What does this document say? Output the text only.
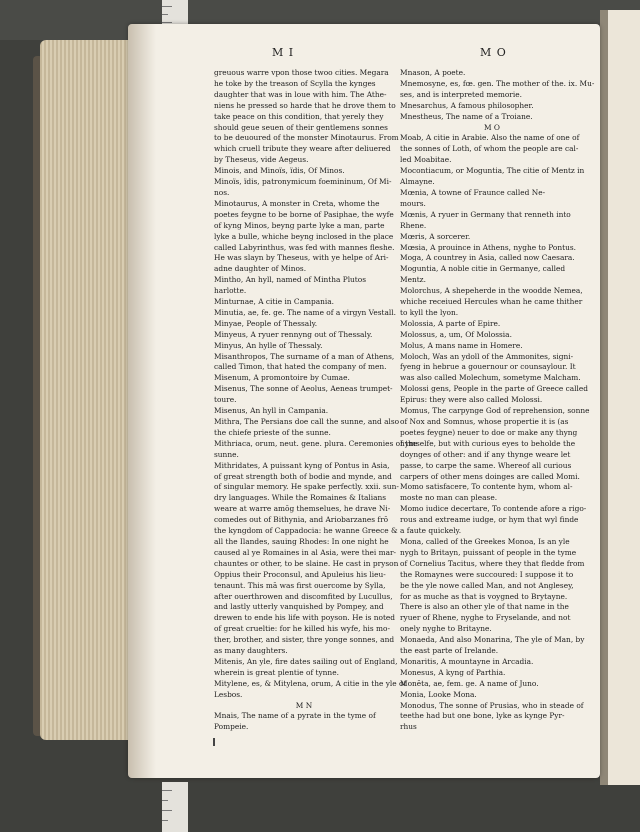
M I	M O

greuous warre vpon those twoo cities. Megara

he toke by the treason of Scylla the kynges

daughter that was in loue with him. The Athe-

niens he pressed so harde that he drove them to

take peace on this condition, that yerely they

should geue seuen of their gentlemens sonnes

to be deuoured of the monster Minotaurus. From

which cruell tribute they weare after deliuered

by Theseus, vide Aegeus.

Minois, and Minoïs, ïdis, Of Minos.

Minoïs, ïdis, patronymicum foemininum, Of Mi-

nos.

Minotaurus, A monster in Creta, whome the

poetes feygne to be borne of Pasiphae, the wyfe

of kyng Minos, beyng parte lyke a man, parte

lyke a bulle, whiche beyng inclosed in the place

called Labyrinthus, was fed with mannes fleshe.

He was slayn by Theseus, with ye helpe of Ari-

adne daughter of Minos.

Mintho, An hyll, named of Mintha Plutos

harlotte.

Minturnae, A citie in Campania.

Minutia, ae, fe. ge. The name of a virgyn Vestall.

Minyae, People of Thessaly.

Minyeus, A ryuer rennyng out of Thessaly.

Minyus, An hylle of Thessaly.

Misanthropos, The surname of a man of Athens,

called Timon, that hated the company of men.

Misenum, A promontoire by Cumae.

Misenus, The sonne of Aeolus, Aeneas trumpet-

toure.

Misenus, An hyll in Campania.

Mithra, The Persians doe call the sunne, and also

the chiefe prieste of the sunne.

Mithriaca, orum, neut. gene. plura. Ceremonies of the

sunne.

Mithridates, A puissant kyng of Pontus in Asia,

of great strength both of bodie and mynde, and

of singular memory. He spake perfectly. xxii. sun-

dry languages. While the Romaines & Italians

weare at warre amōg themselues, he drave Ni-

comedes out of Bithynia, and Ariobarzanes frō

the kyngdom of Cappadocia: he wanne Greece &

all the Ilandes, sauing Rhodes: In one night he

caused al ye Romaines in al Asia, were thei mar-

chauntes or other, to be slaine. He cast in pryson

Oppius their Proconsul, and Apuleius his lieu-

tenaunt. This mā was first ouercome by Sylla,

after ouerthrowen and discomfited by Lucullus,

and lastly utterly vanquished by Pompey, and

drewen to ende his life with poyson. He is noted

of great crueltie: for he killed his wyfe, his mo-

ther, brother, and sister, thre yonge sonnes, and

as many daughters.

Mitenis, An yle, fire dates sailing out of England,

wherein is great plentie of tynne.

Mitylene, es, & Mitylena, orum, A citie in the yle of

Lesbos.

M N

Mnais, The name of a pyrate in the tyme of

Pompeie.

Mnason, A poete.

Mnemosyne, es, fœ. gen. The mother of the. ix. Mu-

ses, and is interpreted memorie.

Mnesarchus, A famous philosopher.

Mnestheus, The name of a Troiane.

M O

Moab, A citie in Arabie. Also the name of one of

the sonnes of Loth, of whom the people are cal-

led Moabitae.

Mocontiacum, or Moguntia, The citie of Mentz in

Almayne.

Mœnia, A towne of Fraunce called Ne-

mours.

Mœnis, A ryuer in Germany that renneth into

Rhene.

Mœris, A sorcerer.

Mœsia, A prouince in Athens, nyghe to Pontus.

Moga, A countrey in Asia, called now Caesara.

Moguntia, A noble citie in Germanye, called

Mentz.

Molorchus, A shepeherde in the woodde Nemea,

whiche receiued Hercules whan he came thither

to kyll the lyon.

Molossia, A parte of Epire.

Molossus, a, um, Of Molossia.

Molus, A mans name in Homere.

Moloch, Was an ydoll of the Ammonites, signi-

fyeng in hebrue a gouernour or counsaylour. It

was also called Molechum, sometyme Malcham.

Molossi gens, People in the parte of Greece called

Epirus: they were also called Molossi.

Momus, The carpynge God of reprehension, sonne

of Nox and Somnus, whose propertie it is (as

poetes feygne) neuer to doe or make any thyng

hymselfe, but with curious eyes to beholde the

doynges of other: and if any thynge weare let

passe, to carpe the same. Whereof all curious

carpers of other mens doinges are called Momi.

Momo satisfacere, To contente hym, whom al-

moste no man can please.

Momo iudice decertare, To contende afore a rigo-

rous and extreame iudge, or hym that wyl finde

a faute quickely.

Mona, called of the Greekes Monoa, Is an yle

nygh to Britayn, puissant of people in the tyme

of Cornelius Tacitus, where they that fledde from

the Romaynes were succoured: I suppose it to

be the yle nowe called Man, and not Anglesey,

for as muche as that is voygned to Brytayne.

There is also an other yle of that name in the

ryuer of Rhene, nyghe to Fryselande, and not

onely nyghe to Britayne.

Monaeda, And also Monarina, The yle of Man, by

the east parte of Irelande.

Monaritis, A mountayne in Arcadia.

Monesus, A kyng of Parthia.

Monēta, ae, fem. ge. A name of Juno.

Monia, Looke Mona.

Monodus, The sonne of Prusias, who in steade of

teethe had but one bone, lyke as kynge Pyr-

rhus
